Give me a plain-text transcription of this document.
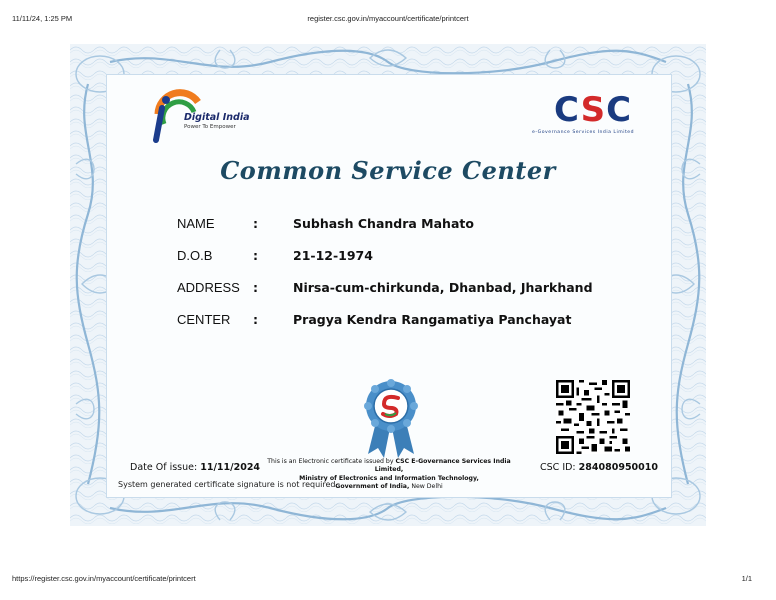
11/11/24, 1:25 PM	register.csc.gov.in/myaccount/certificate/printcert
Digital India
Power To Empower	CSC
e-Governance Services India Limited
Common Service Center
NAME	:	Subhash Chandra Mahato
D.O.B	:	21-12-1974
ADDRESS :	Nirsa-cum-chirkunda, Dhanbad, Jharkhand
CENTER :	Pragya Kendra Rangamatiya Panchayat
Date Of issue: 11/11/2024
System generated certificate signature is not required.
This is an Electronic certificate issued by CSC E-Governance Services India Limited,
Ministry of Electronics and Information Technology,
Government of India, New Delhi
CSC ID: 284080950010
https://register.csc.gov.in/myaccount/certificate/printcert	1/1
